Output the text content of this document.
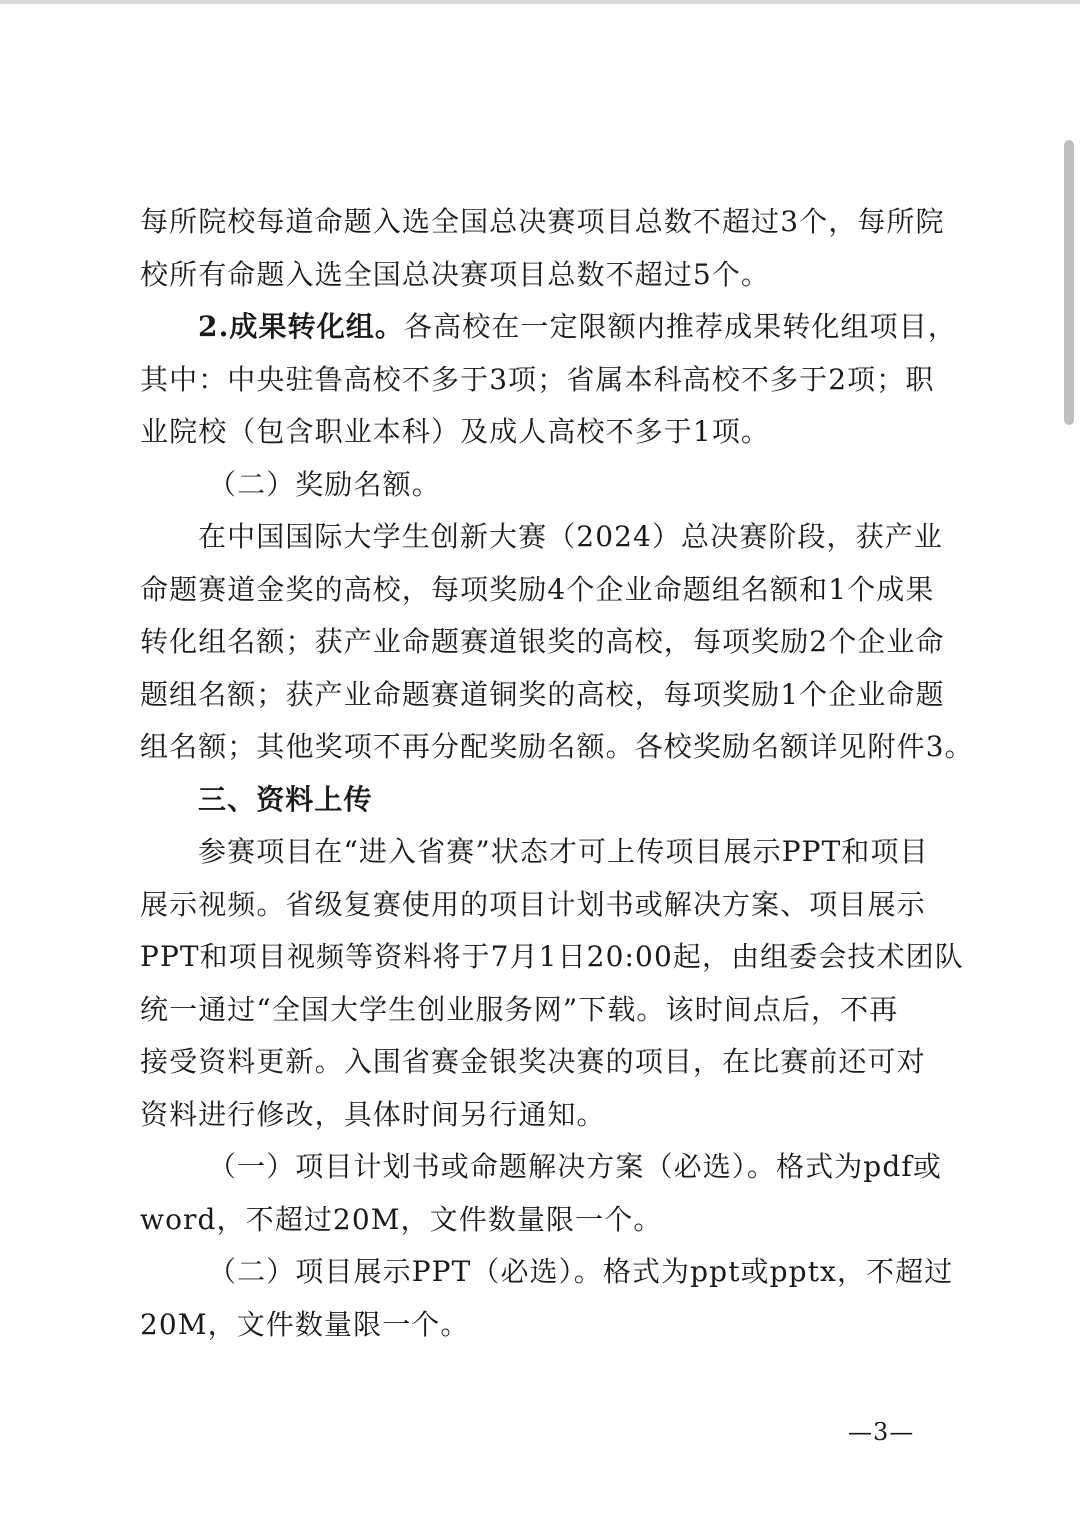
每所院校每道命题入选全国总决赛项目总数不超过3个，每所院
校所有命题入选全国总决赛项目总数不超过5个。
2.成果转化组。各高校在一定限额内推荐成果转化组项目，
其中：中央驻鲁高校不多于3项；省属本科高校不多于2项；职
业院校（包含职业本科）及成人高校不多于1项。
（二）奖励名额。
在中国国际大学生创新大赛（2024）总决赛阶段，获产业
命题赛道金奖的高校，每项奖励4个企业命题组名额和1个成果
转化组名额；获产业命题赛道银奖的高校，每项奖励2个企业命
题组名额；获产业命题赛道铜奖的高校，每项奖励1个企业命题
组名额；其他奖项不再分配奖励名额。各校奖励名额详见附件3。
三、资料上传
参赛项目在“进入省赛”状态才可上传项目展示PPT和项目
展示视频。省级复赛使用的项目计划书或解决方案、项目展示
PPT和项目视频等资料将于7月1日20:00起，由组委会技术团队
统一通过“全国大学生创业服务网”下载。该时间点后，不再
接受资料更新。入围省赛金银奖决赛的项目，在比赛前还可对
资料进行修改，具体时间另行通知。
（一）项目计划书或命题解决方案（必选）。格式为pdf或
word，不超过20M，文件数量限一个。
（二）项目展示PPT（必选）。格式为ppt或pptx，不超过
20M，文件数量限一个。
—3—
